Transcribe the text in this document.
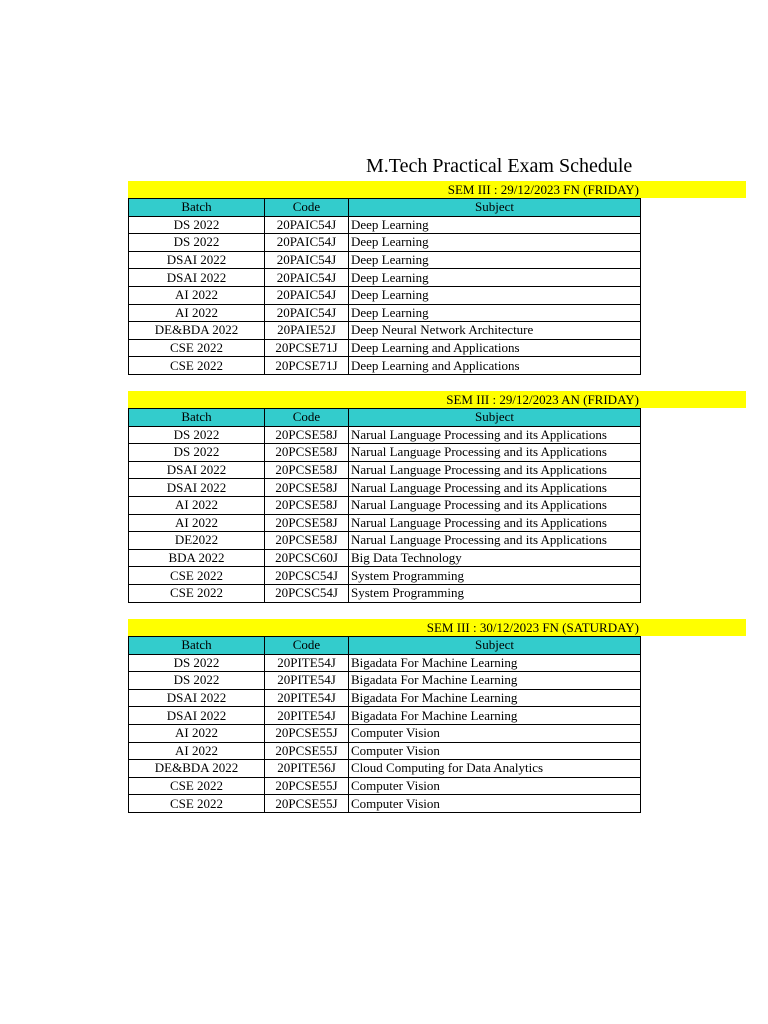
M.Tech Practical Exam Schedule
SEM III : 29/12/2023 FN (FRIDAY)
Batch	Code	Subject
DS 2022	20PAIC54J	Deep Learning
DS 2022	20PAIC54J	Deep Learning
DSAI 2022	20PAIC54J	Deep Learning
DSAI 2022	20PAIC54J	Deep Learning
AI 2022	20PAIC54J	Deep Learning
AI 2022	20PAIC54J	Deep Learning
DE&BDA 2022	20PAIE52J	Deep Neural Network Architecture
CSE 2022	20PCSE71J	Deep Learning and Applications
CSE 2022	20PCSE71J	Deep Learning and Applications
SEM III : 29/12/2023 AN (FRIDAY)
Batch	Code	Subject
DS 2022	20PCSE58J	Narual Language Processing and its Applications
DS 2022	20PCSE58J	Narual Language Processing and its Applications
DSAI 2022	20PCSE58J	Narual Language Processing and its Applications
DSAI 2022	20PCSE58J	Narual Language Processing and its Applications
AI 2022	20PCSE58J	Narual Language Processing and its Applications
AI 2022	20PCSE58J	Narual Language Processing and its Applications
DE2022	20PCSE58J	Narual Language Processing and its Applications
BDA 2022	20PCSC60J	Big Data Technology
CSE 2022	20PCSC54J	System Programming
CSE 2022	20PCSC54J	System Programming
SEM III : 30/12/2023 FN (SATURDAY)
Batch	Code	Subject
DS 2022	20PITE54J	Bigadata For Machine Learning
DS 2022	20PITE54J	Bigadata For Machine Learning
DSAI 2022	20PITE54J	Bigadata For Machine Learning
DSAI 2022	20PITE54J	Bigadata For Machine Learning
AI 2022	20PCSE55J	Computer Vision
AI 2022	20PCSE55J	Computer Vision
DE&BDA 2022	20PITE56J	Cloud Computing for Data Analytics
CSE 2022	20PCSE55J	Computer Vision
CSE 2022	20PCSE55J	Computer Vision
